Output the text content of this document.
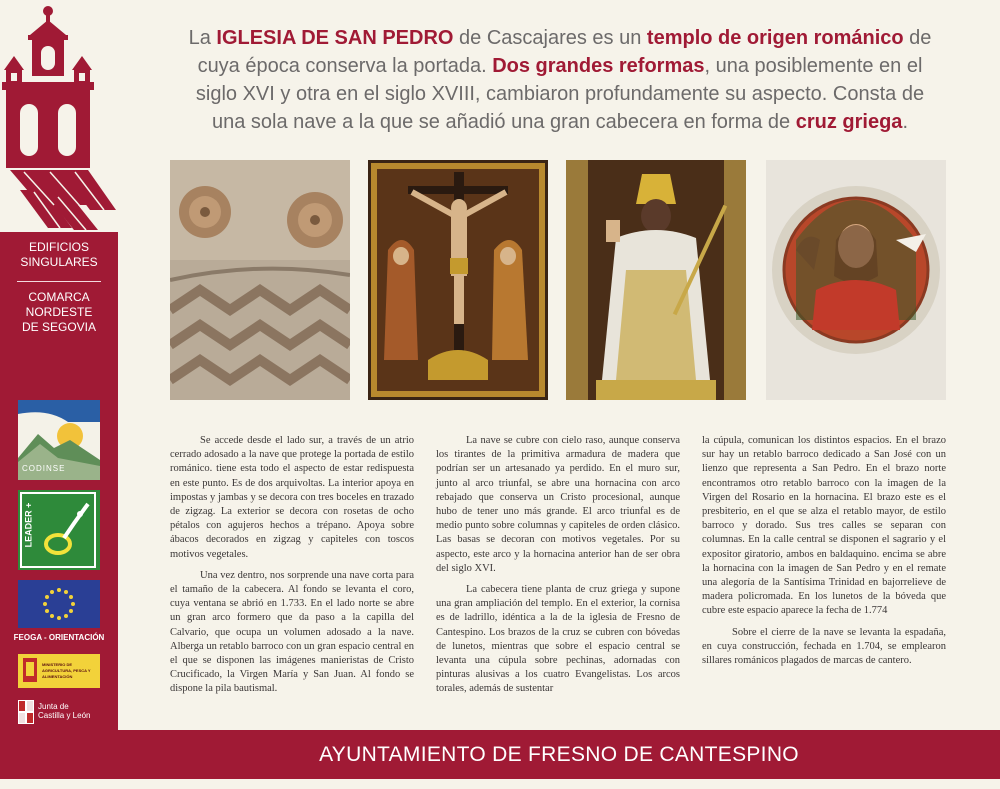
EDIFICIOS
SINGULARES
COMARCA
NORDESTE
DE SEGOVIA
CODINSE
LEADER +
FEOGA - ORIENTACIÓN
MINISTERIO DE AGRICULTURA, PESCA Y ALIMENTACIÓN
Junta de
Castilla y León
La IGLESIA DE SAN PEDRO de Cascajares es un templo de origen románico de cuya época conserva la portada. Dos grandes reformas, una posiblemente en el siglo XVI y otra en el siglo XVIII, cambiaron profundamente su aspecto. Consta de una sola nave a la que se añadió una gran cabecera en forma de cruz griega.

Se accede desde el lado sur, a través de un atrio cerrado adosado a la nave que protege la portada de estilo románico. tiene esta todo el aspecto de estar redispuesta en este punto. Es de dos arquivoltas. La interior apoya en impostas y jambas y se decora con tres boceles en trazado de zigzag. La exterior se decora con rosetas de ocho pétalos con agujeros hechos a trépano. Apoya sobre ábacos decorados en zigzag y capiteles con toscos motivos vegetales.

Una vez dentro, nos sorprende una nave corta para el tamaño de la cabecera. Al fondo se levanta el coro, cuya ventana se abrió en 1.733. En el lado norte se abre un gran arco formero que da paso a la capilla del Calvario, que ocupa un volumen adosado a la nave. Alberga un retablo barroco con un gran espacio central en el que se disponen las imágenes manieristas de Cristo Crucificado, la Virgen María y San Juan. Al fondo se dispone la pila bautismal.

La nave se cubre con cielo raso, aunque conserva los tirantes de la primitiva armadura de madera que podrían ser un artesanado ya perdido. En el muro sur, junto al arco triunfal, se abre una hornacina con arco rebajado que conserva un Cristo procesional, aunque hubo de tener uno más grande. El arco triunfal es de medio punto sobre columnas y capiteles de orden clásico. Las basas se decoran con motivos vegetales. Por su aspecto, este arco y la hornacina anterior han de ser obra del siglo XVI.

La cabecera tiene planta de cruz griega y supone una gran ampliación del templo. En el exterior, la cornisa es de ladrillo, idéntica a la de la iglesia de Fresno de Cantespino. Los brazos de la cruz se cubren con bóvedas de lunetos, mientras que sobre el espacio central se levanta una cúpula sobre pechinas, adornadas con pinturas alusivas a los cuatro Evangelistas. Los arcos torales, además de sustentar

la cúpula, comunican los distintos espacios. En el brazo sur hay un retablo barroco dedicado a San José con un lienzo que representa a San Pedro. En el brazo norte encontramos otro retablo barroco con la imagen de la Virgen del Rosario en la hornacina. El brazo este es el presbiterio, en el que se alza el retablo mayor, de estilo barroco y dorado. Sus tres calles se separan con columnas. En la calle central se disponen el sagrario y el expositor giratorio, ambos en baldaquino. encima se abre la hornacina con la imagen de San Pedro y en el remate una alegoría de la Santísima Trinidad en bajorrelieve de madera policromada. En los lunetos de la bóveda que cubre este espacio aparece la fecha de 1.774

Sobre el cierre de la nave se levanta la espadaña, en cuya construcción, fechada en 1.704, se emplearon sillares románicos plagados de marcas de cantero.

AYUNTAMIENTO DE FRESNO DE CANTESPINO
